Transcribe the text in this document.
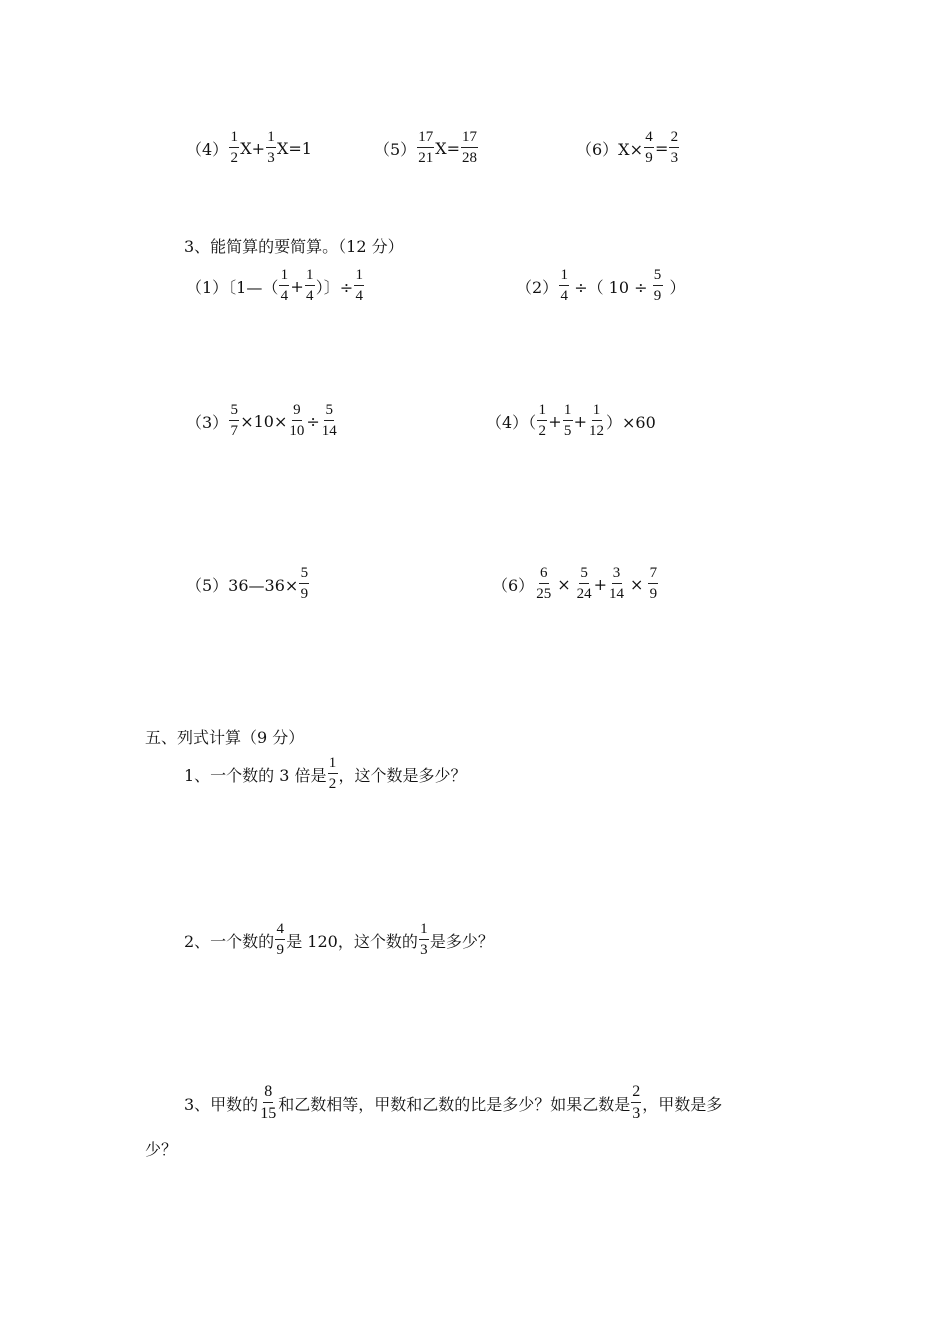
$(4) \frac{1}{2} X+ \frac{1}{3} X=1$	$(5) \frac{17}{21} X= \frac{17}{28}$	$(6)X\times \frac{4}{9} = \frac{2}{3}$
3、能简算的要简算。（12 分）
（1）〔1—（ $\frac{1}{4} + \frac{1}{4}$ ）〕÷ $\frac{1}{4}$	$(2) \frac{1}{4}$ ÷（ $10 \div \frac{5}{9}$ ）
$(3) \frac{5}{7} \times 10\times \frac{9}{10} \div \frac{5}{14}$	$(4)( \frac{1}{2} + \frac{1}{5} + \frac{1}{12} )\times 60$
（5）36—36× $\frac{5}{9}$	$(6) \frac{6}{25} \times \frac{5}{24} + \frac{3}{14} \times \frac{7}{9}$
五、列式计算（9 分）
1、一个数的 3 倍是 $\frac{1}{2}$ ，这个数是多少？
2、一个数的 $\frac{4}{9}$ 是 120，这个数的 $\frac{1}{3}$ 是多少？
3、甲数的 $\frac{8}{15}$ 和乙数相等，甲数和乙数的比是多少？如果乙数是 $\frac{2}{3}$ ，甲数是多
少？
